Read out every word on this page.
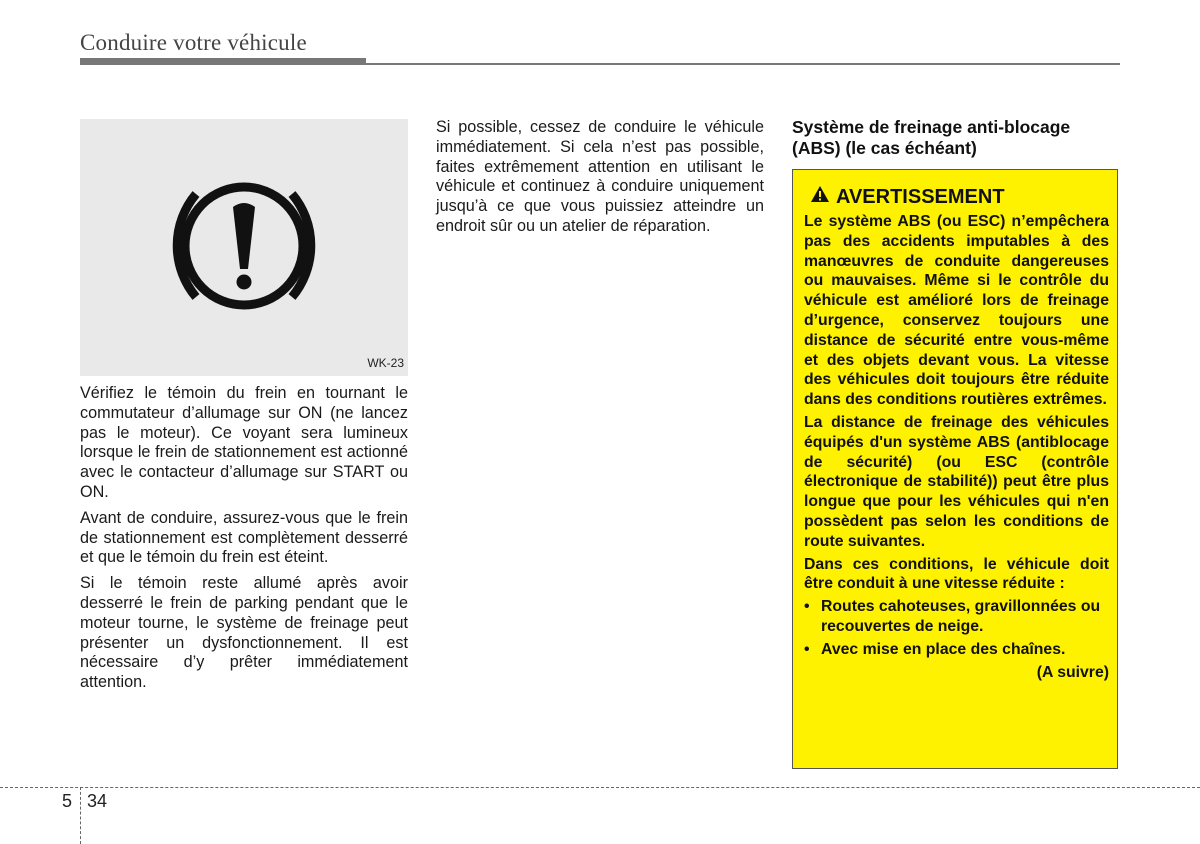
Conduire votre véhicule
WK-23

Vérifiez le témoin du frein en tournant le commutateur d’allumage sur ON (ne lancez pas le moteur). Ce voyant sera lumineux lorsque le frein de stationnement est actionné avec le contacteur d’allumage sur START ou ON.

Avant de conduire, assurez-vous que le frein de stationnement est complètement desserré et que le témoin du frein est éteint.

Si le témoin reste allumé après avoir desserré le frein de parking pendant que le moteur tourne, le système de freinage peut présenter un dysfonctionnement. Il est nécessaire d’y prêter immédiatement attention.

Si possible, cessez de conduire le véhicule immédiatement. Si cela n’est pas possible, faites extrêmement attention en utilisant le véhicule et continuez à conduire uniquement jusqu’à ce que vous puissiez atteindre un endroit sûr ou un atelier de réparation.

Système de freinage anti-blocage (ABS) (le cas échéant)
AVERTISSEMENT

Le système ABS (ou ESC) n’empêchera pas des accidents imputables à des manœuvres de conduite dangereuses ou mauvaises. Même si le contrôle du véhicule est amélioré lors de freinage d’urgence, conservez toujours une distance de sécurité entre vous-même et des objets devant vous. La vitesse des véhicules doit toujours être réduite dans des conditions routières extrêmes.

La distance de freinage des véhicules équipés d'un système ABS (antiblocage de sécurité) (ou ESC (contrôle électronique de stabilité)) peut être plus longue que pour les véhicules qui n'en possèdent pas selon les conditions de route suivantes.

Dans ces conditions, le véhicule doit être conduit à une vitesse réduite :

• Routes cahoteuses, gravillonnées ou recouvertes de neige.
• Avec mise en place des chaînes.
(A suivre)
5 34
